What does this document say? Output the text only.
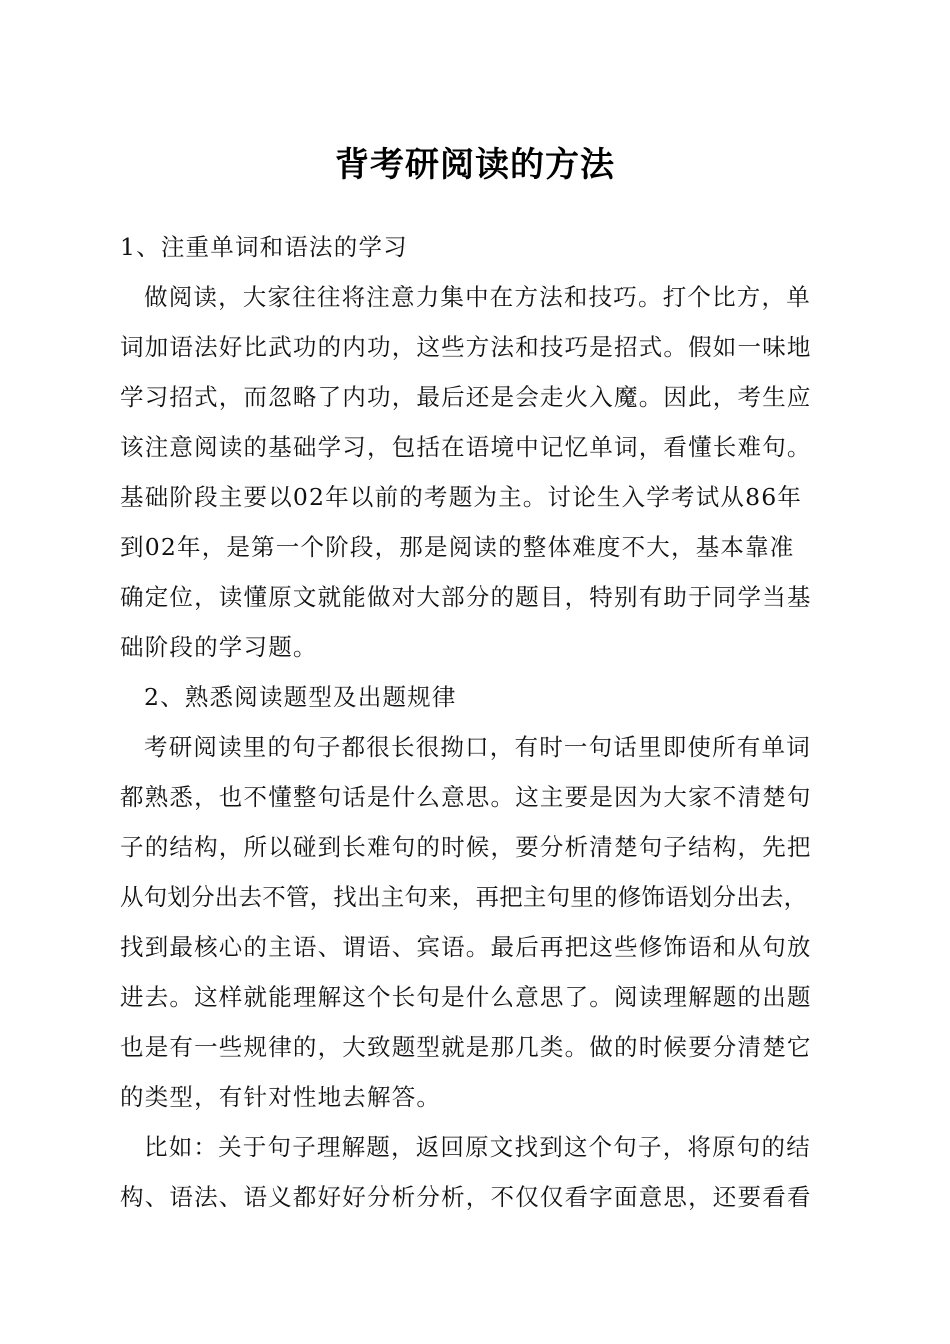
背考研阅读的方法
1、注重单词和语法的学习
做阅读，大家往往将注意力集中在方法和技巧。打个比方，单
词加语法好比武功的内功，这些方法和技巧是招式。假如一味地
学习招式，而忽略了内功，最后还是会走火入魔。因此，考生应
该注意阅读的基础学习，包括在语境中记忆单词，看懂长难句。
基础阶段主要以02年以前的考题为主。讨论生入学考试从86年
到02年，是第一个阶段，那是阅读的整体难度不大，基本靠准
确定位，读懂原文就能做对大部分的题目，特别有助于同学当基
础阶段的学习题。
2、熟悉阅读题型及出题规律
考研阅读里的句子都很长很拗口，有时一句话里即使所有单词
都熟悉，也不懂整句话是什么意思。这主要是因为大家不清楚句
子的结构，所以碰到长难句的时候，要分析清楚句子结构，先把
从句划分出去不管，找出主句来，再把主句里的修饰语划分出去，
找到最核心的主语、谓语、宾语。最后再把这些修饰语和从句放
进去。这样就能理解这个长句是什么意思了。阅读理解题的出题
也是有一些规律的，大致题型就是那几类。做的时候要分清楚它
的类型，有针对性地去解答。
比如：关于句子理解题，返回原文找到这个句子，将原句的结
构、语法、语义都好好分析分析，不仅仅看字面意思，还要看看
